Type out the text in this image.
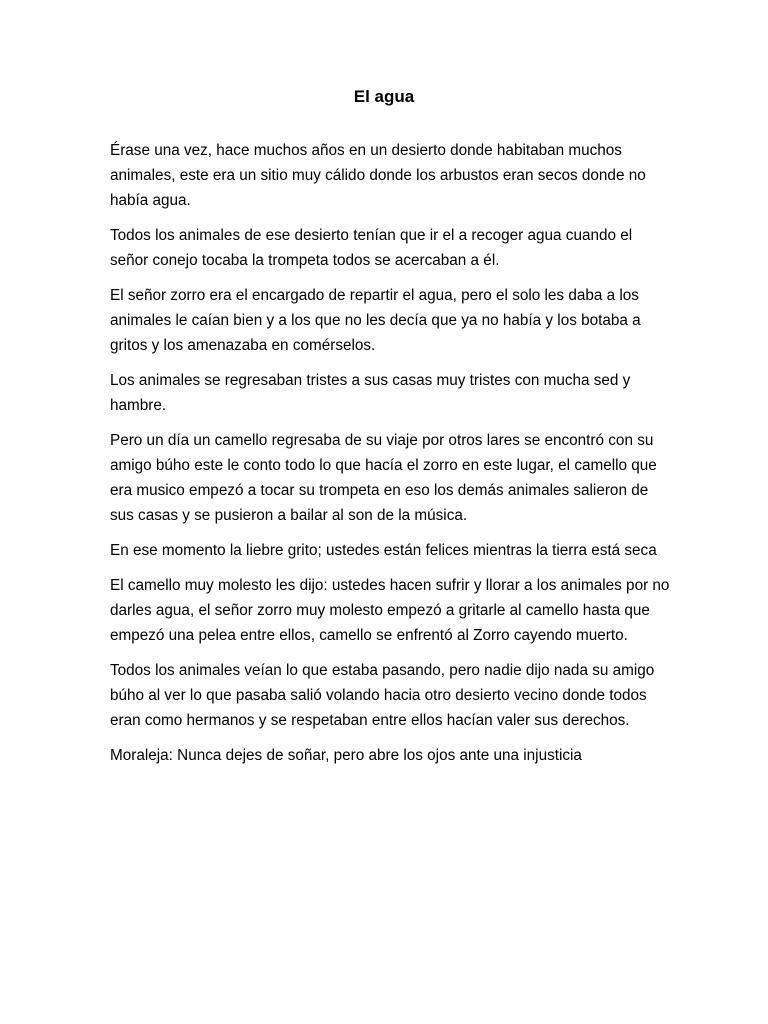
El agua

Érase una vez, hace muchos años en un desierto donde habitaban muchos animales, este era un sitio muy cálido donde los arbustos eran secos donde no había agua.

Todos los animales de ese desierto tenían que ir el a recoger agua cuando el señor conejo tocaba la trompeta todos se acercaban a él.

El señor zorro era el encargado de repartir el agua, pero el solo les daba a los animales le caían bien y a los que no les decía que ya no había y los botaba a gritos y los amenazaba en comérselos.

Los animales se regresaban tristes a sus casas muy tristes con mucha sed y hambre.

Pero un día un camello regresaba de su viaje por otros lares se encontró con su amigo búho este le conto todo lo que hacía el zorro en este lugar, el camello que era musico empezó a tocar su trompeta en eso los demás animales salieron de sus casas y se pusieron a bailar al son de la música.

En ese momento la liebre grito; ustedes están felices mientras la tierra está seca

El camello muy molesto les dijo: ustedes hacen sufrir y llorar a los animales por no darles agua, el señor zorro muy molesto empezó a gritarle al camello hasta que empezó una pelea entre ellos, camello se enfrentó al Zorro cayendo muerto.

Todos los animales veían lo que estaba pasando, pero nadie dijo nada su amigo búho al ver lo que pasaba salió volando hacia otro desierto vecino donde todos eran como hermanos y se respetaban entre ellos hacían valer sus derechos.

Moraleja: Nunca dejes de soñar, pero abre los ojos ante una injusticia
